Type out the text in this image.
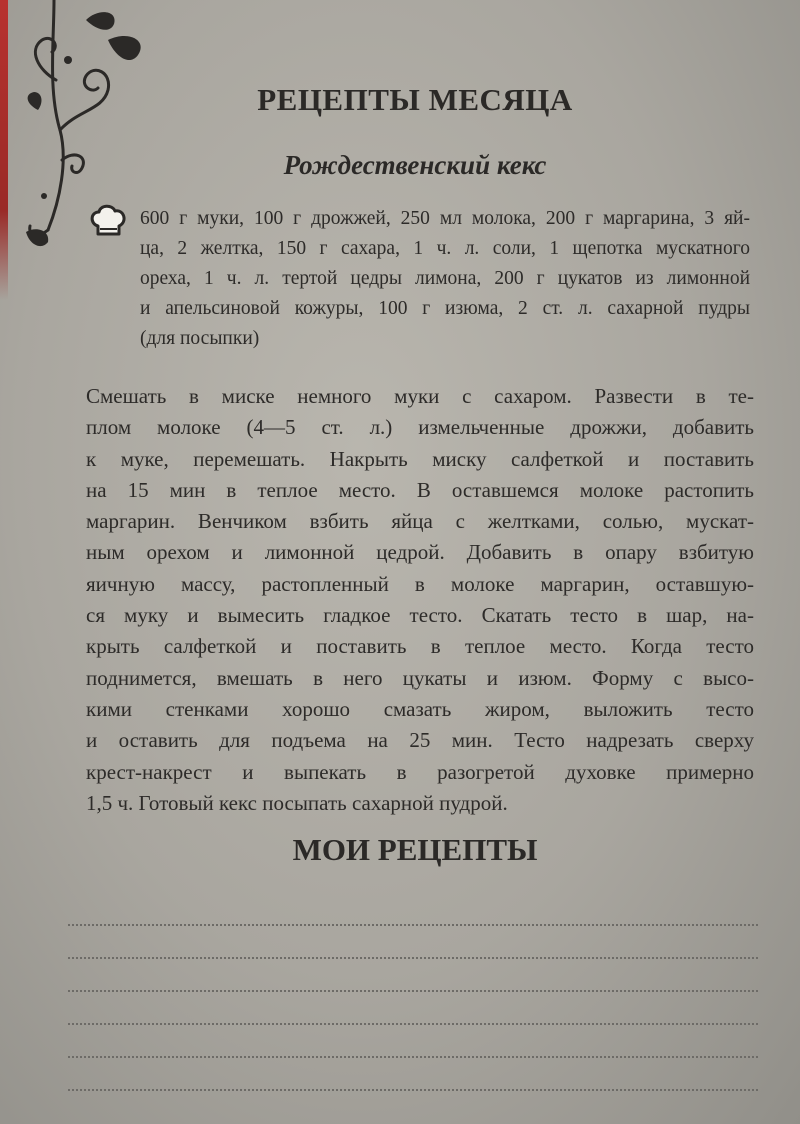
РЕЦЕПТЫ МЕСЯЦА
Рождественский кекс
600 г муки, 100 г дрожжей, 250 мл молока, 200 г маргарина, 3 яй-
ца, 2 желтка, 150 г сахара, 1 ч. л. соли, 1 щепотка мускатного
ореха, 1 ч. л. тертой цедры лимона, 200 г цукатов из лимонной
и апельсиновой кожуры, 100 г изюма, 2 ст. л. сахарной пудры
(для посыпки)
Смешать в миске немного муки с сахаром. Развести в те-
плом молоке (4—5 ст. л.) измельченные дрожжи, добавить
к муке, перемешать. Накрыть миску салфеткой и поставить
на 15 мин в теплое место. В оставшемся молоке растопить
маргарин. Венчиком взбить яйца с желтками, солью, мускат-
ным орехом и лимонной цедрой. Добавить в опару взбитую
яичную массу, растопленный в молоке маргарин, оставшую-
ся муку и вымесить гладкое тесто. Скатать тесто в шар, на-
крыть салфеткой и поставить в теплое место. Когда тесто
поднимется, вмешать в него цукаты и изюм. Форму с высо-
кими стенками хорошо смазать жиром, выложить тесто
и оставить для подъема на 25 мин. Тесто надрезать сверху
крест-накрест и выпекать в разогретой духовке примерно
1,5 ч. Готовый кекс посыпать сахарной пудрой.
МОИ РЕЦЕПТЫ
